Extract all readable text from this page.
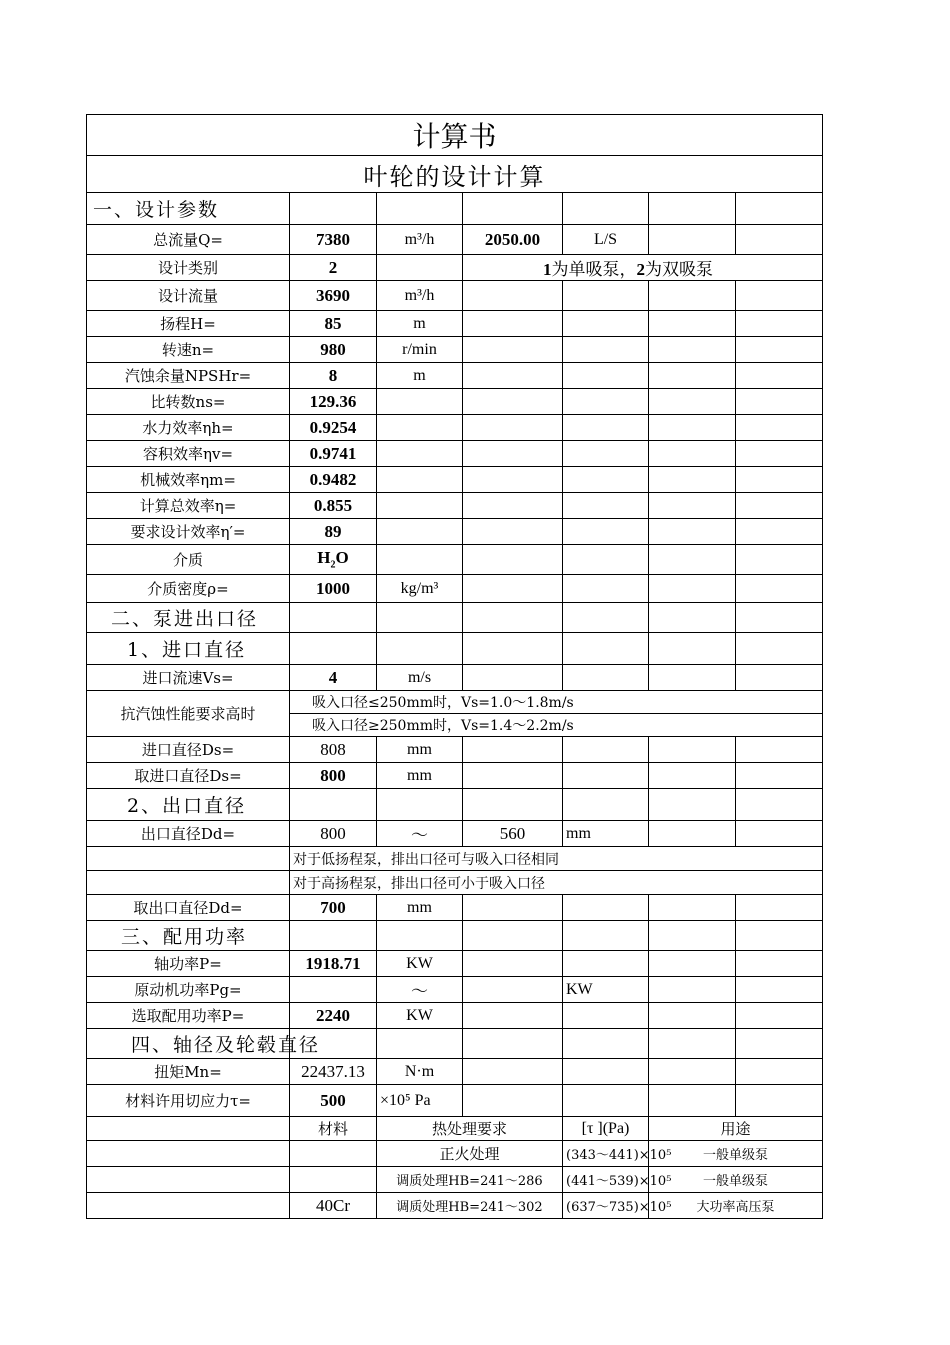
计算书						
叶轮的设计计算						
一、设计参数						
总流量Q=	7380	m³/h	2050.00	L/S		
设计类别	2		1为单吸泵，2为双吸泵			
设计流量	3690	m³/h				
扬程H=	85	m				
转速n=	980	r/min				
汽蚀余量NPSHr=	8	m				
比转数ns=	129.36					
水力效率ηh=	0.9254					
容积效率ηv=	0.9741					
机械效率ηm=	0.9482					
计算总效率η=	0.855					
要求设计效率η′=	89					
介质	$H_2O$					
介质密度ρ=	1000	kg/m³				
二、泵进出口径						
1、进口直径						
进口流速Vs=	4	m/s				
抗汽蚀性能要求高时	吸入口径≤250mm时，Vs=1.0～1.8m/s					
	吸入口径≥250mm时，Vs=1.4～2.2m/s					
进口直径Ds=	808	mm				
取进口直径Ds=	800	mm				
2、出口直径						
出口直径Dd=	800	～	560	mm		
	对于低扬程泵，排出口径可与吸入口径相同					
	对于高扬程泵，排出口径可小于吸入口径					
取出口直径Dd=	700	mm				
三、配用功率						
轴功率P=	1918.71	KW				
原动机功率Pg=		～		KW		
选取配用功率P=	2240	KW				
四、轴径及轮毂直径						
扭矩Mn=	22437.13	N·m				
材料许用切应力τ=	500	×10⁵ Pa				
	材料	热处理要求		[τ ](Pa)	用途	
		正火处理		(343～441)×10⁵	一般单级泵	
		调质处理HB=241～286		(441～539)×10⁵	一般单级泵	
	40Cr	调质处理HB=241～302		(637～735)×10⁵	大功率高压泵	
